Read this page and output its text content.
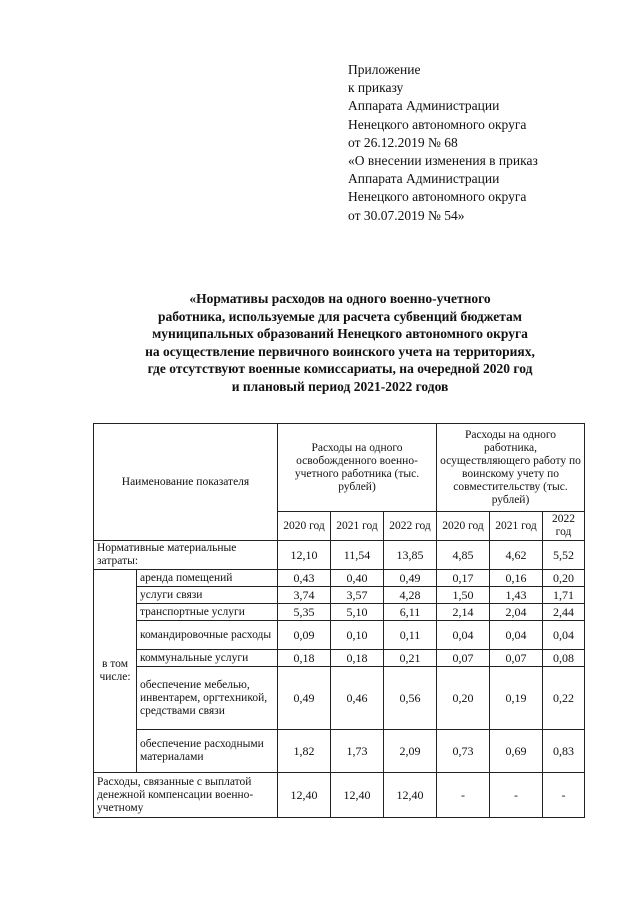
Приложение
к приказу
Аппарата Администрации
Ненецкого автономного округа
от 26.12.2019 № 68
«О внесении изменения в приказ
Аппарата Администрации
Ненецкого автономного округа
от 30.07.2019 № 54»
«Нормативы расходов на одного военно-учетного
работника, используемые для расчета субвенций бюджетам
муниципальных образований Ненецкого автономного округа
на осуществление первичного воинского учета на территориях,
где отсутствуют военные комиссариаты, на очередной 2020 год
и плановый период 2021-2022 годов
Наименование показателя		Расходы на одного освобожденного военно-учетного работника (тыс. рублей)			Расходы на одного работника, осуществляющего работу по воинскому учету по совместительству (тыс. рублей)		
		2020 год	2021 год	2022 год	2020 год	2021 год	2022 год
Нормативные материальные затраты:		12,10	11,54	13,85	4,85	4,62	5,52
в том числе:	аренда помещений	0,43	0,40	0,49	0,17	0,16	0,20
	услуги связи	3,74	3,57	4,28	1,50	1,43	1,71
	транспортные услуги	5,35	5,10	6,11	2,14	2,04	2,44
	командировочные расходы	0,09	0,10	0,11	0,04	0,04	0,04
	коммунальные услуги	0,18	0,18	0,21	0,07	0,07	0,08
	обеспечение мебелью, инвентарем, оргтехникой, средствами связи	0,49	0,46	0,56	0,20	0,19	0,22
	обеспечение расходными материалами	1,82	1,73	2,09	0,73	0,69	0,83
Расходы, связанные с выплатой денежной компенсации военно-учетному		12,40	12,40	12,40	-	-	-
